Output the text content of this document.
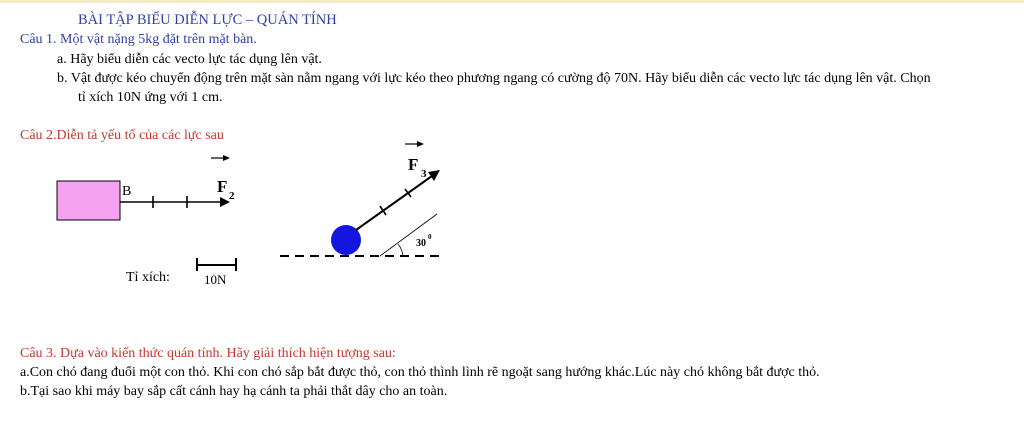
BÀI TẬP BIỂU DIỄN LỰC – QUÁN TÍNH
Câu 1. Một vật nặng 5kg đặt trên mặt bàn.
a. Hãy biểu diễn các vecto lực tác dụng lên vật.
b. Vật được kéo chuyển động trên mặt sàn nằm ngang với lực kéo theo phương ngang có cường độ 70N. Hãy biểu diễn các vecto lực tác dụng lên vật. Chọn
tỉ xích 10N ứng với 1 cm.
Câu 2.Diễn tả yếu tố của các lực sau
B	F 2
30
0
F 3
Tỉ xích:	10N
Câu 3. Dựa vào kiến thức quán tính. Hãy giải thích hiện tượng sau:
a.Con chó đang đuổi một con thỏ. Khi con chó sắp bắt được thỏ, con thỏ thình lình rẽ ngoặt sang hướng khác.Lúc này chó không bắt được thỏ.
b.Tại sao khi máy bay sắp cất cánh hay hạ cánh ta phải thắt dây cho an toàn.
